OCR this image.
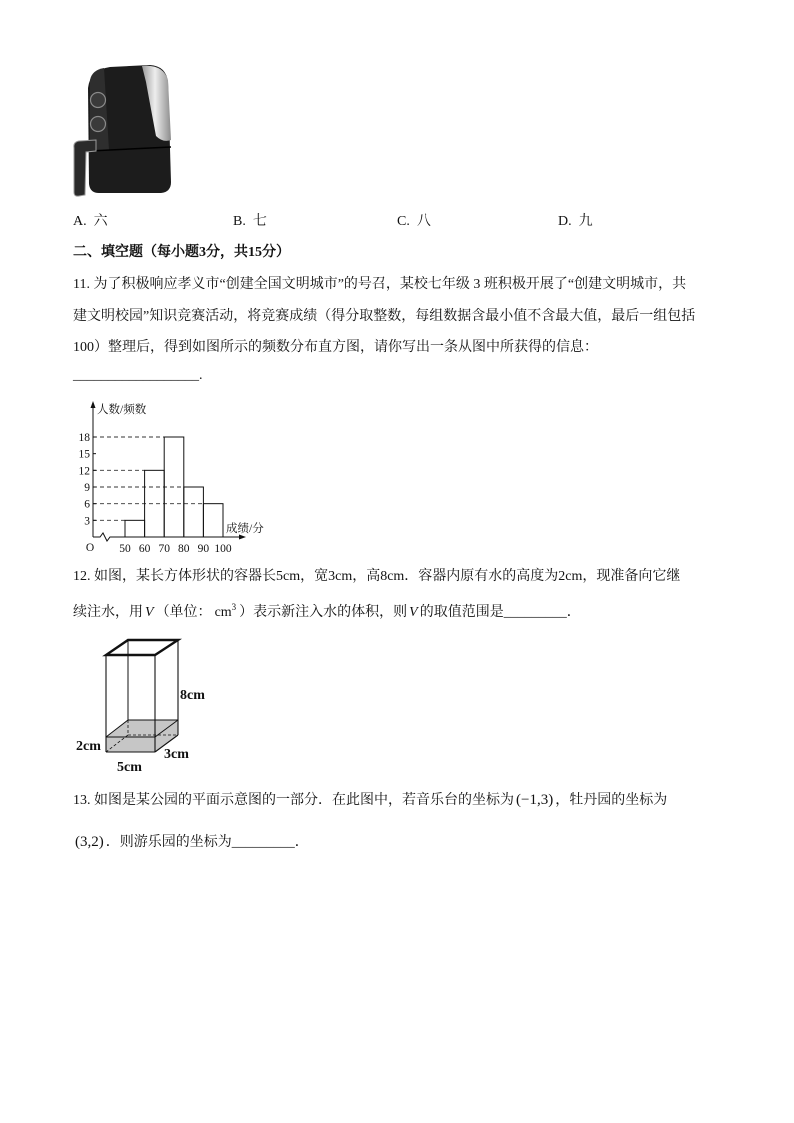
A. 六	B. 七	C. 八	D. 九
二、填空题（每小题3分，共15分）
11. 为了积极响应孝义市“创建全国文明城市”的号召，某校七年级 3 班积极开展了“创建文明城市，共
建文明校园”知识竞赛活动，将竞赛成绩（得分取整数，每组数据含最小值不含最大值，最后一组包括
100）整理后，得到如图所示的频数分布直方图，请你写出一条从图中所获得的信息：
__________________.
3
6
9
12
15
18
50 60 70 80 90 100
人数/频数
成绩/分
O
12. 如图，某长方体形状的容器长5cm，宽3cm，高8cm．容器内原有水的高度为2cm，现准备向它继
续注水，用 V （单位： $cm^3$ ）表示新注入水的体积，则 V 的取值范围是_________．
8cm
2cm
3cm
5cm
13. 如图是某公园的平面示意图的一部分．在此图中，若音乐台的坐标为 (−1,3) ，牡丹园的坐标为
(3,2) ．则游乐园的坐标为_________．
